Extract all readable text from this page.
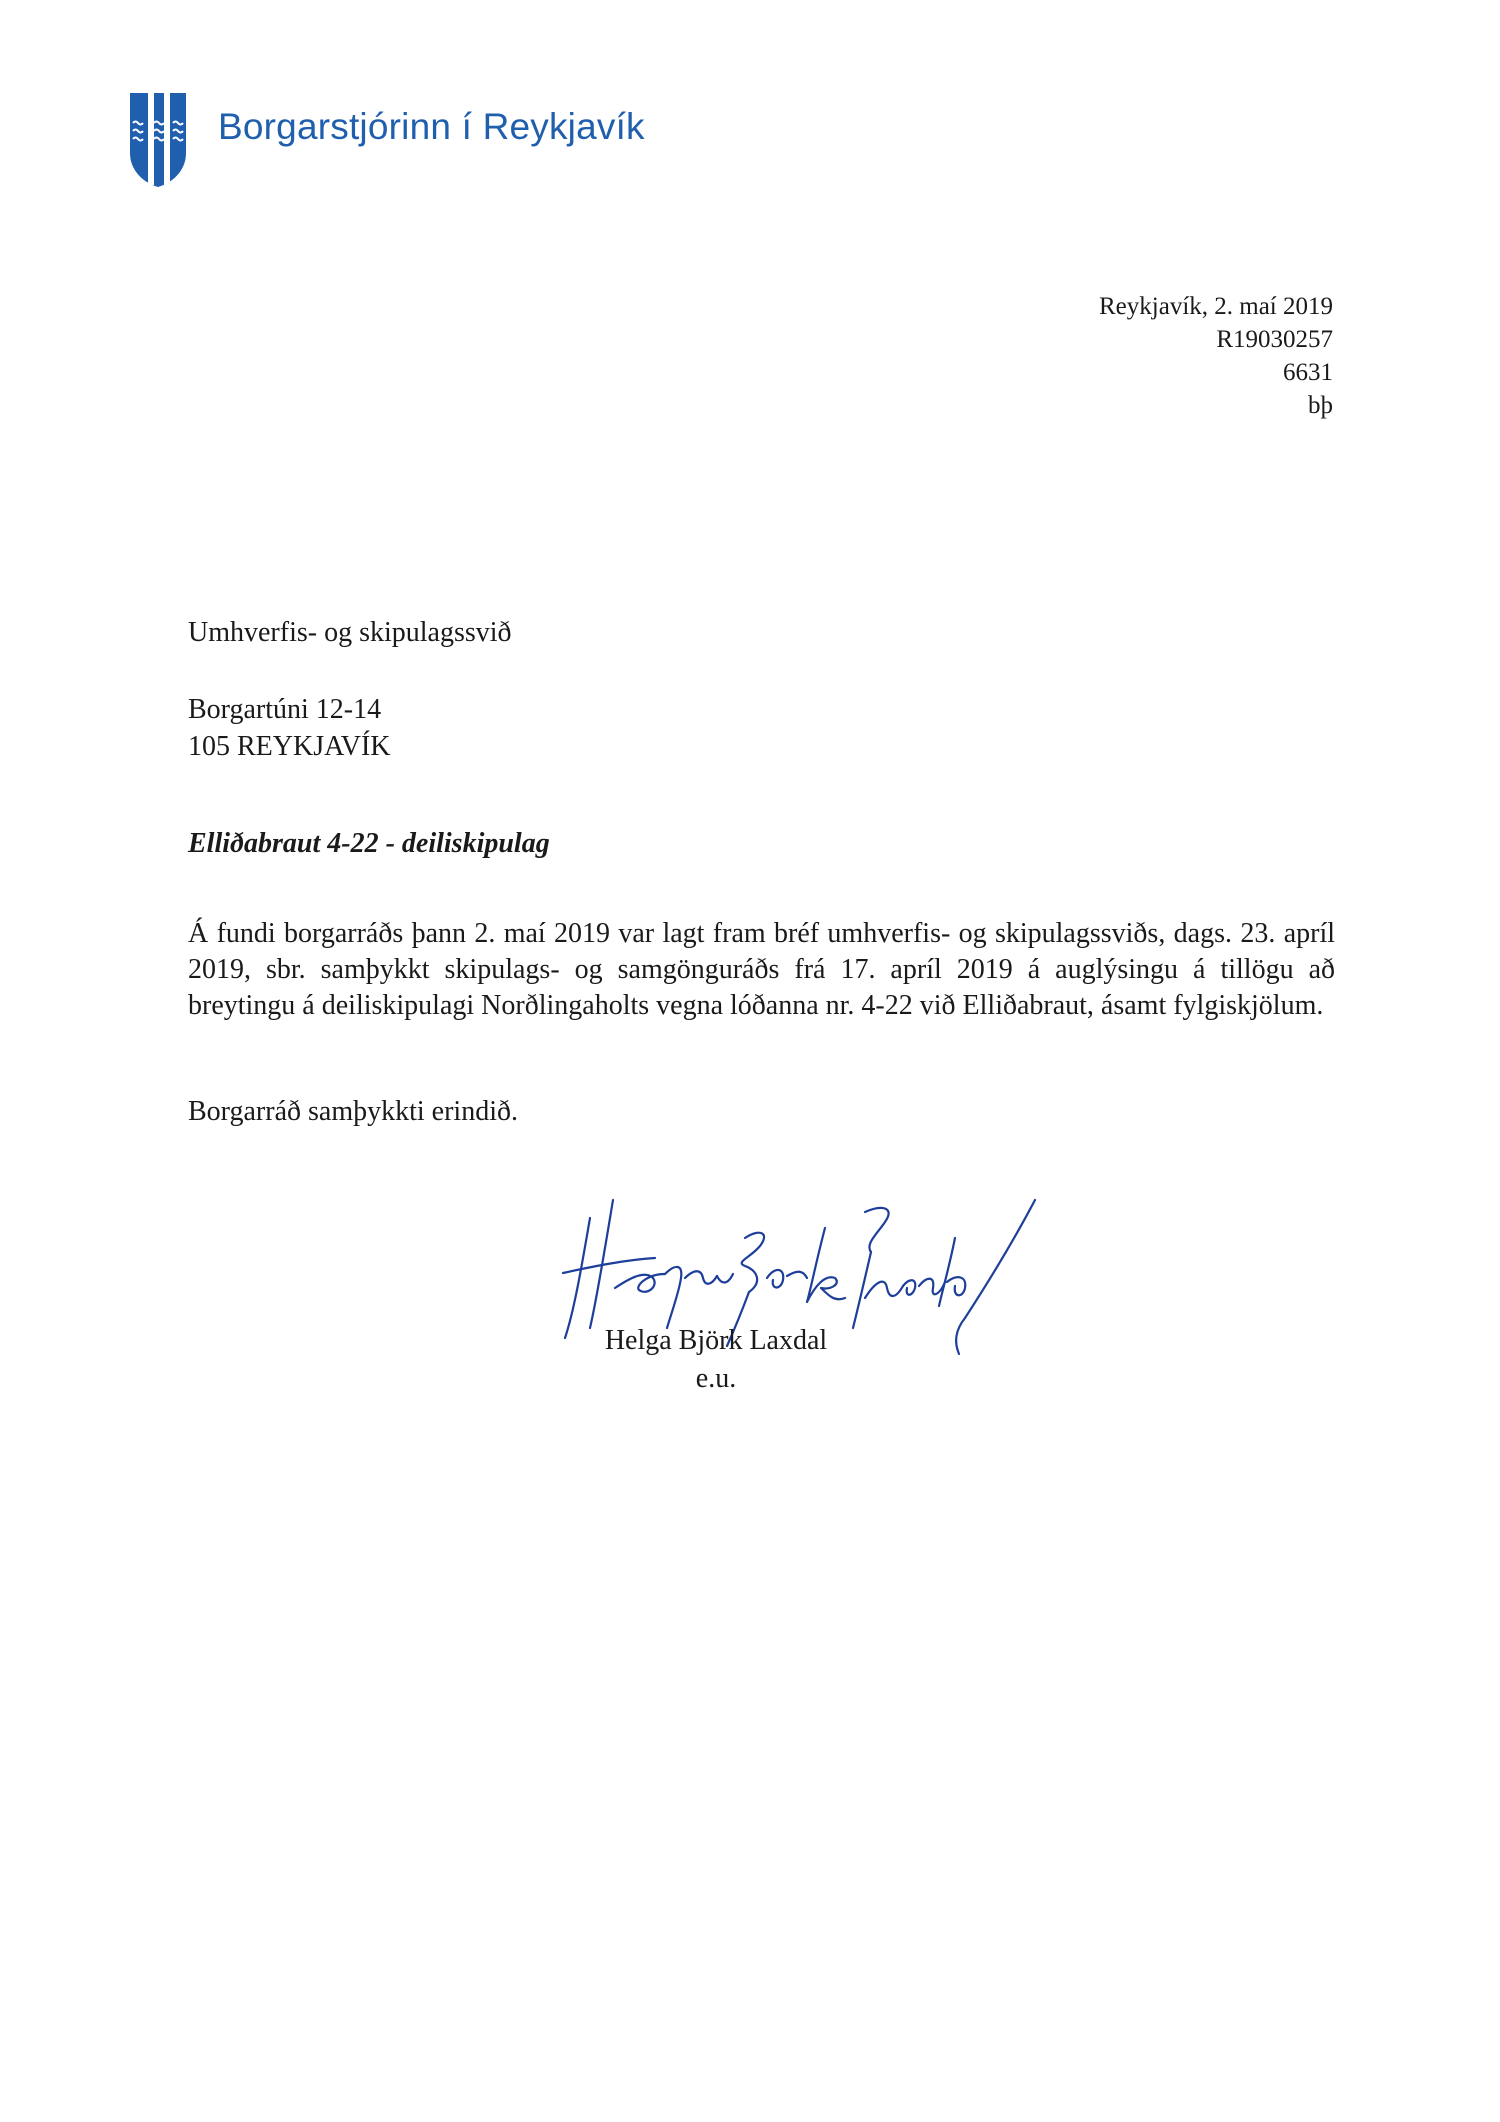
Borgarstjórinn í Reykjavík
Reykjavík, 2. maí 2019
R19030257
6631
bþ
Umhverfis- og skipulagssvið
Borgartúni 12-14
105 REYKJAVÍK
Elliðabraut 4-22 - deiliskipulag

Á fundi borgarráðs þann 2. maí 2019 var lagt fram bréf umhverfis- og skipulagssviðs, dags. 23. apríl 2019, sbr. samþykkt skipulags- og samgönguráðs frá 17. apríl 2019 á auglýsingu á tillögu að breytingu á deiliskipulagi Norðlingaholts vegna lóðanna nr. 4-22 við Elliðabraut, ásamt fylgiskjölum.

Borgarráð samþykkti erindið.

Helga Björk Laxdal
e.u.
